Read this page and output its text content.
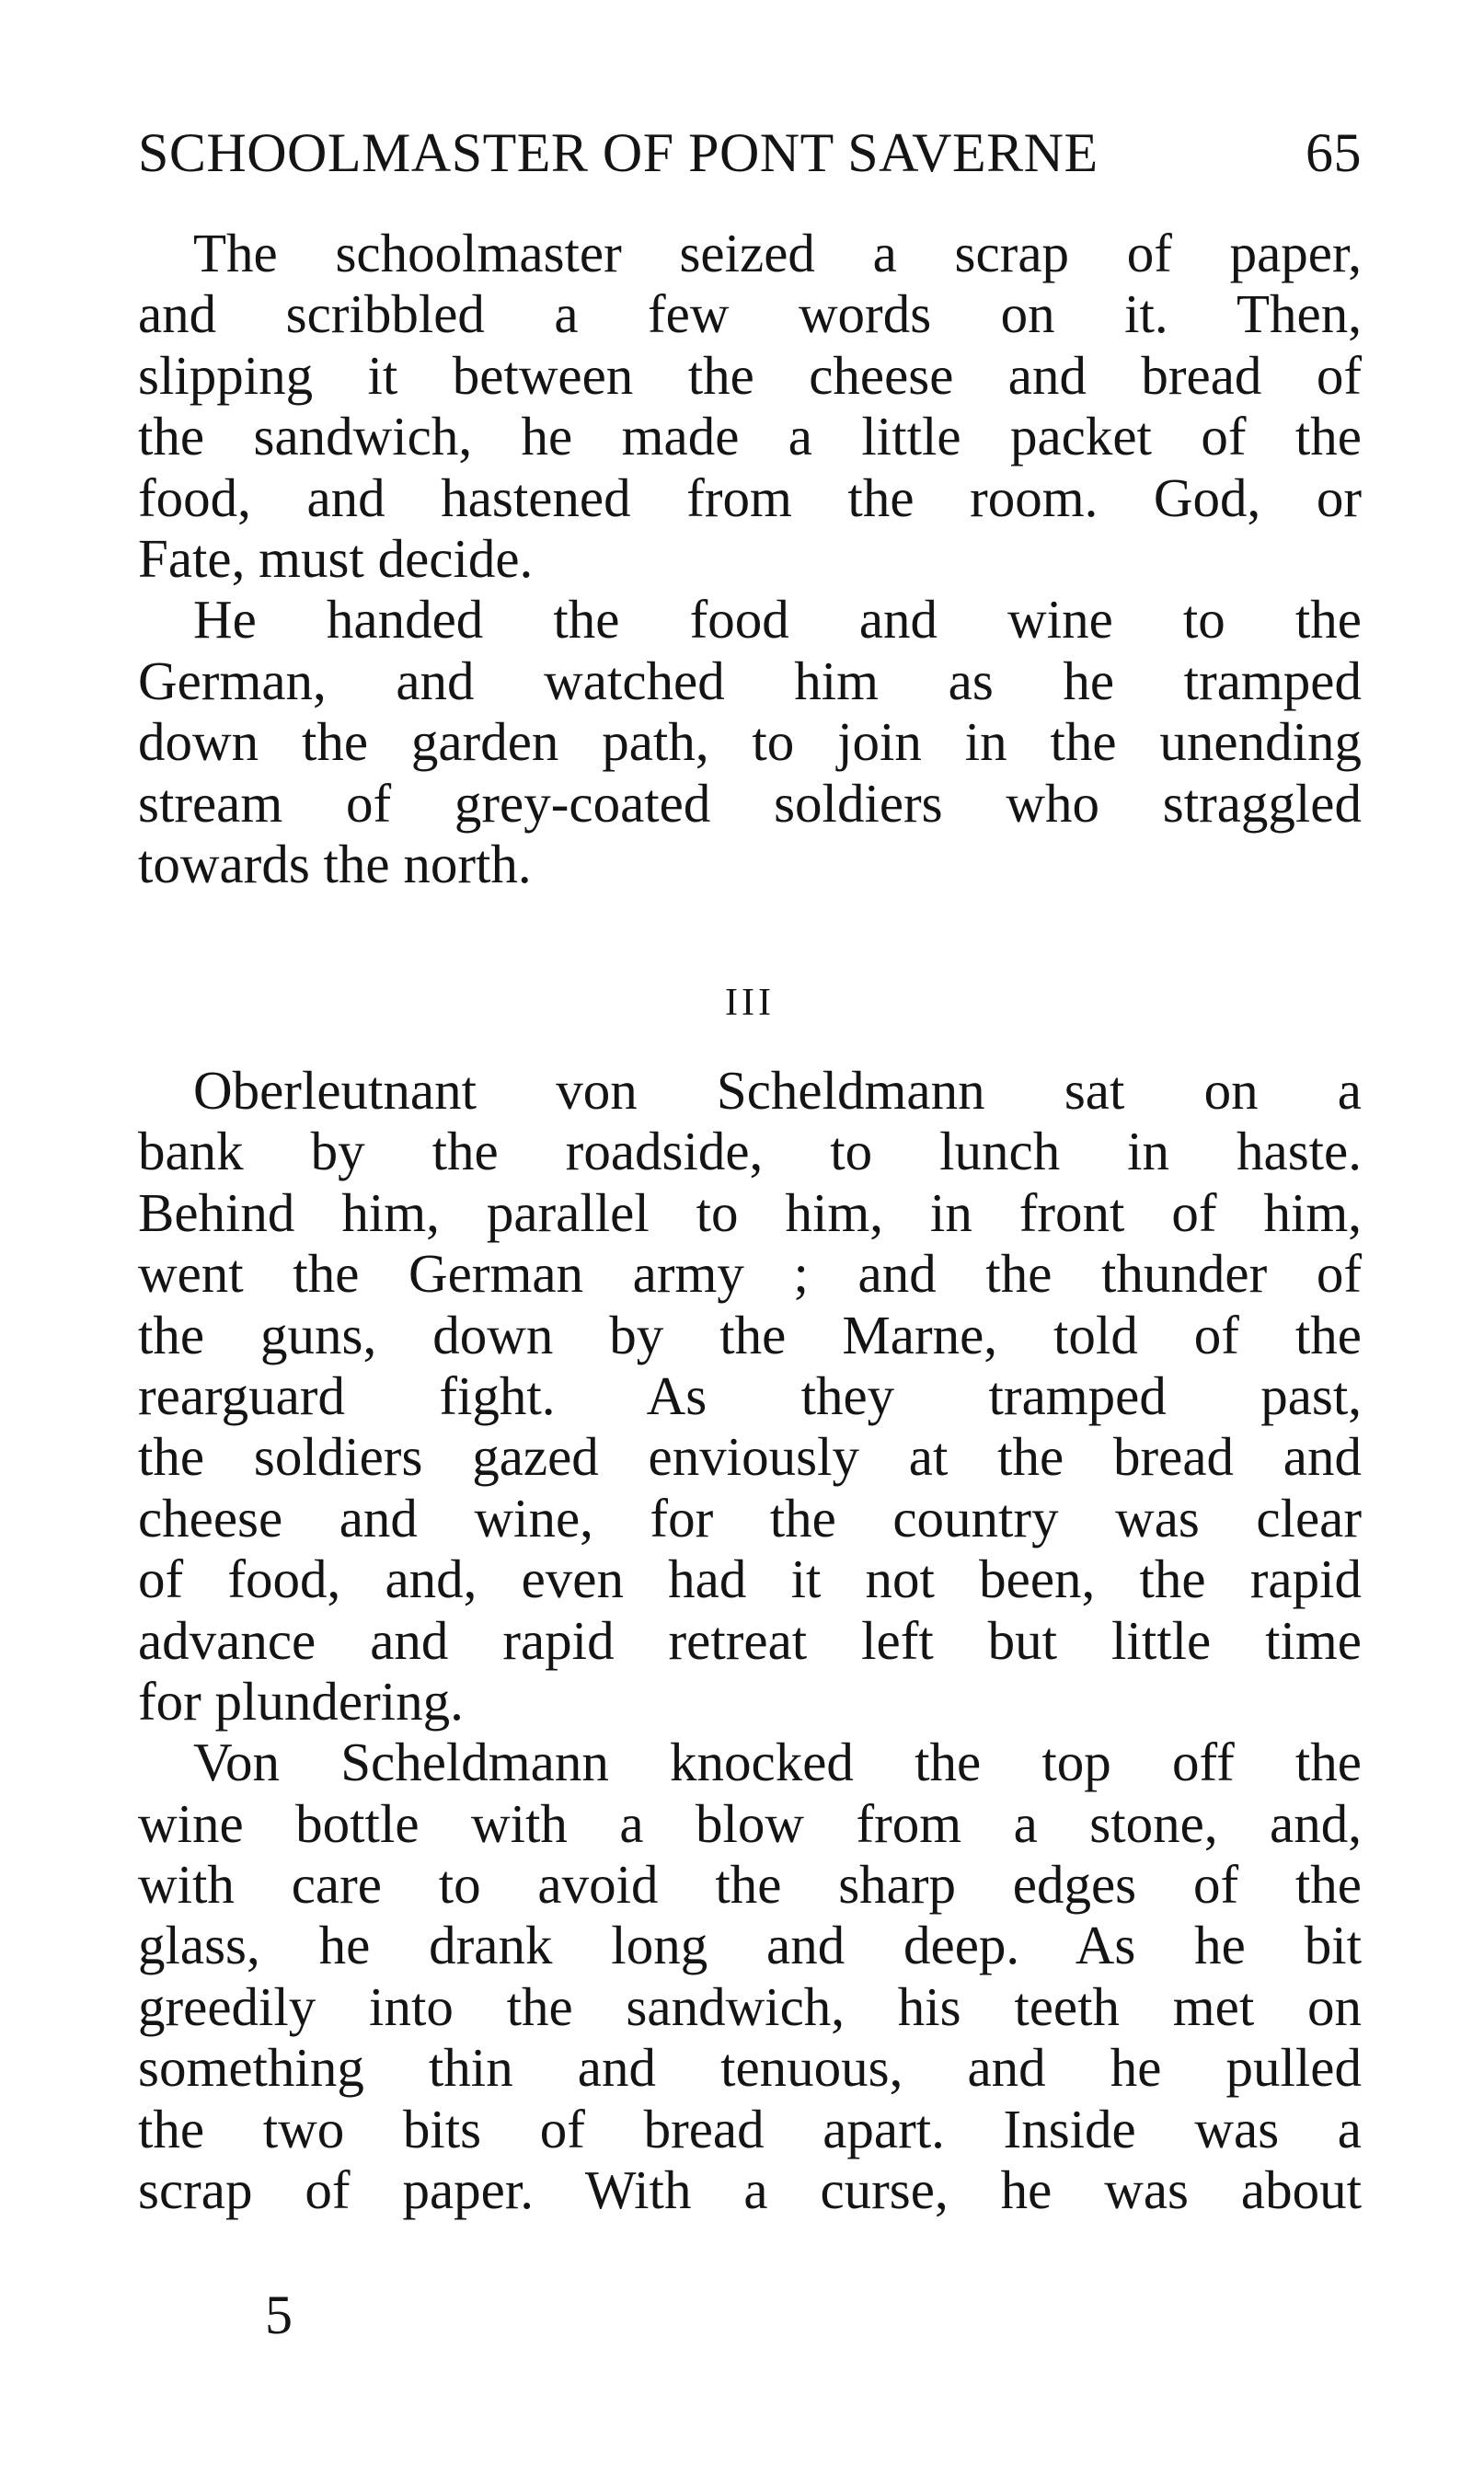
SCHOOLMASTER OF PONT SAVERNE	65
The schoolmaster seized a scrap of paper,
and scribbled a few words on it. Then,
slipping it between the cheese and bread of
the sandwich, he made a little packet of the
food, and hastened from the room. God, or
Fate, must decide.
He handed the food and wine to the
German, and watched him as he tramped
down the garden path, to join in the unending
stream of grey-coated soldiers who straggled
towards the north.
III
Oberleutnant von Scheldmann sat on a
bank by the roadside, to lunch in haste.
Behind him, parallel to him, in front of him,
went the German army ; and the thunder of
the guns, down by the Marne, told of the
rearguard fight. As they tramped past,
the soldiers gazed enviously at the bread and
cheese and wine, for the country was clear
of food, and, even had it not been, the rapid
advance and rapid retreat left but little time
for plundering.
Von Scheldmann knocked the top off the
wine bottle with a blow from a stone, and,
with care to avoid the sharp edges of the
glass, he drank long and deep. As he bit
greedily into the sandwich, his teeth met on
something thin and tenuous, and he pulled
the two bits of bread apart. Inside was a
scrap of paper. With a curse, he was about
5
